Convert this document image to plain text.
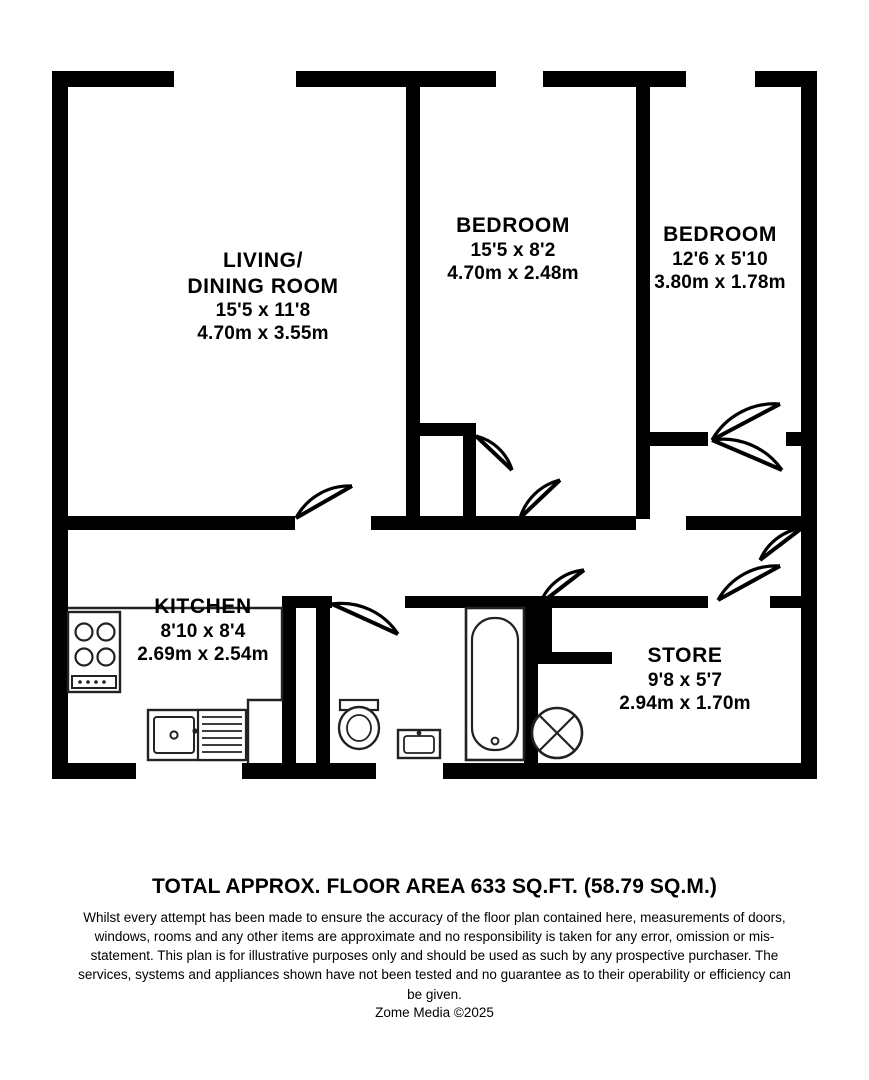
LIVING/
DINING ROOM
15'5 x 11'8
4.70m x 3.55m
BEDROOM
15'5 x 8'2
4.70m x 2.48m
BEDROOM
12'6 x 5'10
3.80m x 1.78m
KITCHEN
8'10 x 8'4
2.69m x 2.54m	STORE
9'8 x 5'7
2.94m x 1.70m
TOTAL APPROX. FLOOR AREA 633 SQ.FT. (58.79 SQ.M.)
Whilst every attempt has been made to ensure the accuracy of the floor plan contained here, measurements of doors, windows, rooms and any other items are approximate and no responsibility is taken for any error, omission or mis-statement. This plan is for illustrative purposes only and should be used as such by any prospective purchaser. The services, systems and appliances shown have not been tested and no guarantee as to their operability or efficiency can be given.
Zome Media ©2025
